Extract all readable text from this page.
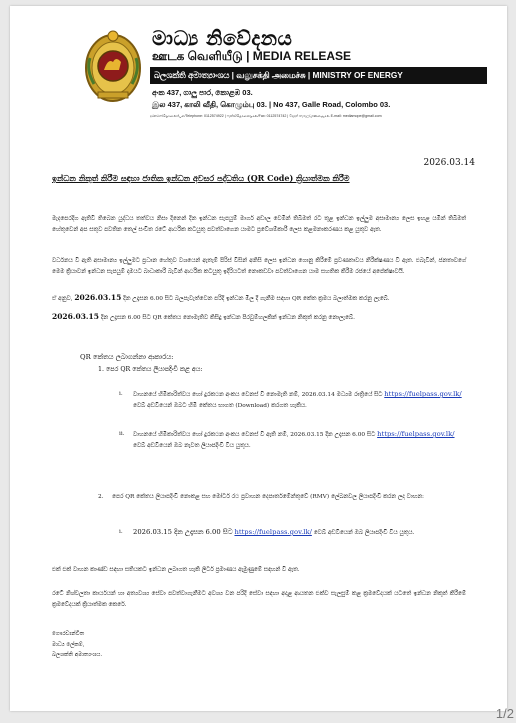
මාධ්‍ය නිවේදනය
ஊடக வெளியீடு | MEDIA RELEASE
බලශක්ති අමාත්‍යාංශය | வலுசக்தி அமைச்சு | MINISTRY OF ENERGY
අංක 437, ගාලු පාර, කොළඹ 03.
இல 437, காலி வீதி, கொழும்பு 03. | No 437, Galle Road, Colombo 03.
දුරකථන/தொலைபேசி/Telephone: 0112574922 | ෆැක්ස්/தொலைநகல்/Fax: 0112574742 | විද්‍යුත් තැපෑල/மின்னஞ்சல் E-mail: mediamope@gmail.com
2026.03.14
ඉන්ධන නිකුත් කිරීම සඳහා ජාතික ඉන්ධන අවසර පද්ධතිය (QR Code) ක්‍රියාත්මක කිරීම
මැදපෙරදිග ඇතිවී තිබෙන යුද්ධය තත්වය නිසා දිනෙන් දින ඉන්ධන සැපයුම් මාර්ග අඩාල වෙමින් තිබීමත් රට තුළ ඉන්ධන ඉල්ලුම අසාමාන්‍ය ලෙස ඉහළ යමින් තිබීමත් හේතුවෙන් අප සතුව පවතින තෙල් සංචිත රටේ ආර්ථික කටයුතු පවත්වාගෙන යාමට ප්‍රවේශම්කාරී ලෙස කළමනාකරණය කළ යුතුව ඇත.
වර්ධනය වී ඇති අසාමාන්‍ය ඉල්ලුමට ප්‍රධාන හේතුව වශයෙන් ඇතැම් පිරිස් විසින් අනිසි ලෙස ඉන්ධන ගොනු කිරීමේ ප්‍රවණතාවය නිරීක්ෂණය වී ඇත. එබැවින්, ජනතාවගේ මෙම ක්‍රියාවන් ඉන්ධන සැපයුම් දාමයට බාධාකාරී බැවින් ආර්ථික කටයුතු ඉදිරියටත් නොකඩවා පවත්වාගෙන යාම සහතික කිරීම රජයේ අපේක්ෂාවයි.
ඒ අනුව, 2026.03.15 දින උදෑසන 6.00 සිට බලපැවැත්වෙන පරිදි ඉන්ධන මිල දී ගැනීම සඳහා QR කේත ක්‍රමය බලාත්මක කරනු ලැබේ.
2026.03.15 දින උදෑසන 6.00 සිට QR කේතය නොමැතිව කිසිදු ඉන්ධන පිරවුම්හලකින් ඉන්ධන නිකුත් කරනු නොලැබේ.
QR කේතය ලබාගන්නා ආකාරය:
1. පෙර QR කේතය ලියාපදිංචි කළ අය:
i. වාහනයේ හිමිකාරිත්වය හෝ දුරකථන අංකය වෙනස් වී නොමැති නම්, 2026.03.14 මධ්‍යම රාත්‍රියේ සිට https://fuelpass.gov.lk/ වෙබ් අඩවියෙන් ඔබට හිමි කේතය භාගත (Download) කරගත හැකිය.
ii. වාහනයේ හිමිකාරිත්වය හෝ දුරකථන අංකය වෙනස් වී ඇති නම්, 2026.03.15 දින උදෑසන 6.00 සිට https://fuelpass.gov.lk/ වෙබ් අඩවියෙන් ඔබ නැවත ලියාපදිංචි විය යුතුය.
2. පෙර QR කේතය ලියාපදිංචි නොකළ සහ මෝටර් රථ ප්‍රවාහන දෙපාර්තමේන්තුවේ (RMV) ලේඛනවල ලියාපදිංචි කරන ලද වාහන:
i. 2026.03.15 දින උදෑසන 6.00 සිට https://fuelpass.gov.lk/ වෙබ් අඩවියෙන් ඔබ ලියාපදිංචි විය යුතුය.
එක් එක් වාහන කාණ්ඩ සඳහා සතියකට ඉන්ධන ලබාගත හැකි ලීටර් ප්‍රමාණය ඇමුණුමේ සඳහන් වී ඇත.
රටේ නිශ්චලතා කාර්යයන් හා අත්‍යවශ්‍ය සේවා පවත්වාගැනීමට අවශ්‍ය වන පරිදි සේවා සඳහා අදාළ ආයතන එක්ව සැලසුම් කළ ක්‍රමවේදයක් යටතේ ඉන්ධන නිකුත් කිරීමේ ක්‍රමවේදයක් ක්‍රියාත්මක කෙරේ.
ගෞරවාන්විත
මාධ්‍ය ලේකම්,
බලශක්ති අමාත්‍යංශය.
1/2
